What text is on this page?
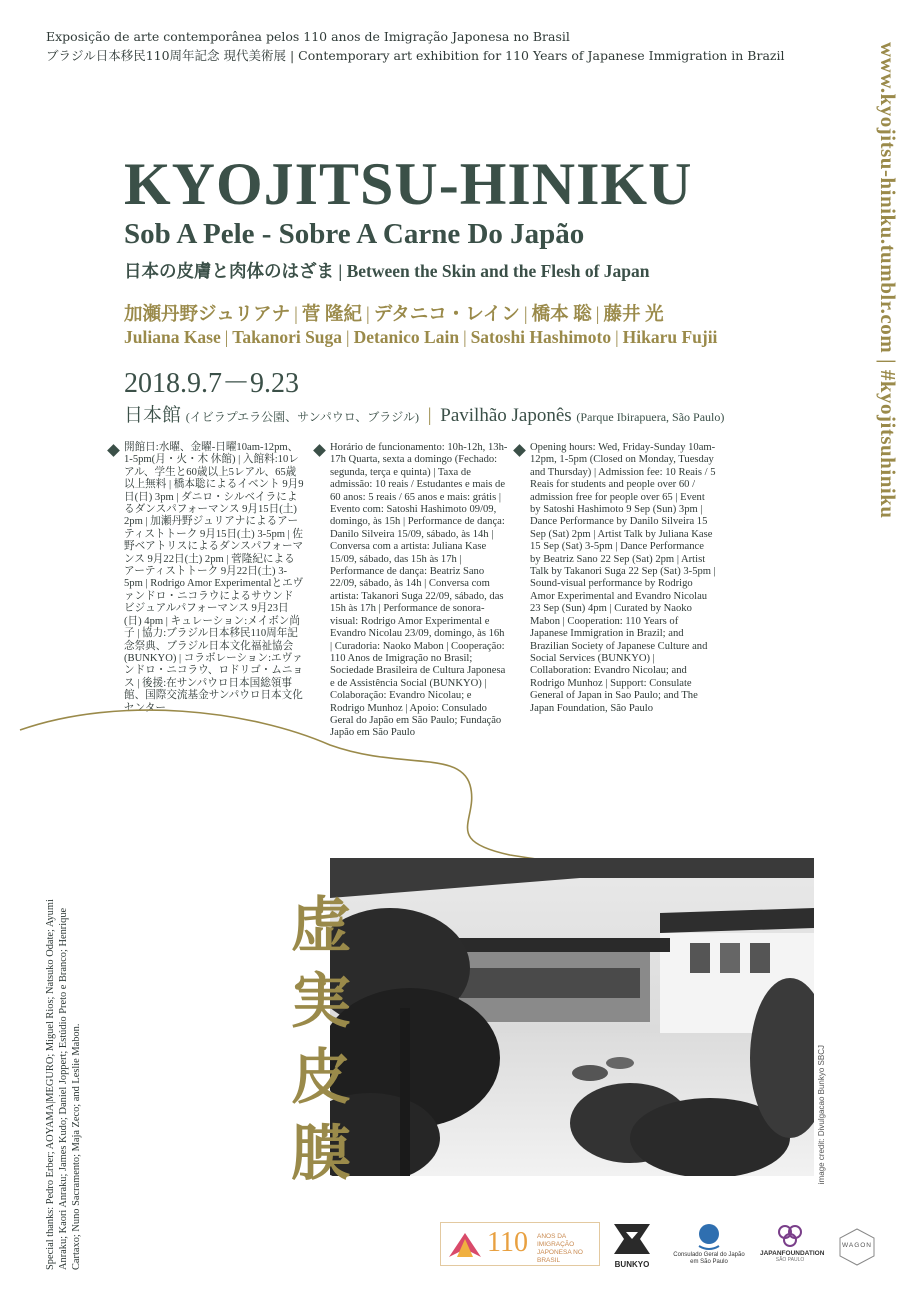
Exposição de arte contemporânea pelos 110 anos de Imigração Japonesa no Brasil
ブラジル日本移民110周年記念 現代美術展 | Contemporary art exhibition for 110 Years of Japanese Immigration in Brazil	www.kyojitsu-hiniku.tumblr.com | #kyojitsuhiniku
KYOJITSU-HINIKU
Sob A Pele - Sobre A Carne Do Japão
日本の皮膚と肉体のはざま | Between the Skin and the Flesh of Japan
加瀬丹野ジュリアナ | 菅 隆紀 | デタニコ・レイン | 橋本 聡 | 藤井 光
Juliana Kase | Takanori Suga | Detanico Lain | Satoshi Hashimoto | Hikaru Fujii
2018.9.7－9.23
日本館 (イビラプエラ公園、サンパウロ、ブラジル) | Pavilhão Japonês (Parque Ibirapuera, São Paulo)
開館日:水曜、金曜-日曜10am-12pm、1-5pm(月・火・木 休館) | 入館料:10レアル、学生と60歳以上5レアル、65歳以上無料 | 橋本聡によるイベント 9月9日(日) 3pm | ダニロ・シルベイラによるダンスパフォーマンス 9月15日(土) 2pm | 加瀬丹野ジュリアナによるアーティストトーク 9月15日(土) 3-5pm | 佐野ベアトリスによるダンスパフォーマンス 9月22日(土) 2pm | 菅隆紀によるアーティストトーク 9月22日(土) 3-5pm | Rodrigo Amor Experimentalとエヴァンドロ・ニコラウによるサウンドビジュアルパフォーマンス 9月23日(日) 4pm | キュレーション:メイボン尚子 | 協力:ブラジル日本移民110周年記念祭典、ブラジル日本文化福祉協会(BUNKYO) | コラボレーション:エヴァンドロ・ニコラウ、ロドリゴ・ムニョス | 後援:在サンパウロ日本国総領事館、国際交流基金サンパウロ日本文化センター
Horário de funcionamento: 10h-12h, 13h-17h Quarta, sexta a domingo (Fechado: segunda, terça e quinta) | Taxa de admissão: 10 reais / Estudantes e mais de 60 anos: 5 reais / 65 anos e mais: grátis | Evento com: Satoshi Hashimoto 09/09, domingo, às 15h | Performance de dança: Danilo Silveira 15/09, sábado, às 14h | Conversa com a artista: Juliana Kase 15/09, sábado, das 15h às 17h | Performance de dança: Beatriz Sano 22/09, sábado, às 14h | Conversa com artista: Takanori Suga 22/09, sábado, das 15h às 17h | Performance de sonora-visual: Rodrigo Amor Experimental e Evandro Nicolau 23/09, domingo, às 16h | Curadoria: Naoko Mabon | Cooperação: 110 Anos de Imigração no Brasil; Sociedade Brasileira de Cultura Japonesa e de Assistência Social (BUNKYO) | Colaboração: Evandro Nicolau; e Rodrigo Munhoz | Apoio: Consulado Geral do Japão em São Paulo; Fundação Japão em São Paulo
Opening hours: Wed, Friday-Sunday 10am-12pm, 1-5pm (Closed on Monday, Tuesday and Thursday) | Admission fee: 10 Reais / 5 Reais for students and people over 60 / admission free for people over 65 | Event by Satoshi Hashimoto 9 Sep (Sun) 3pm | Dance Performance by Danilo Silveira 15 Sep (Sat) 2pm | Artist Talk by Juliana Kase 15 Sep (Sat) 3-5pm | Dance Performance by Beatriz Sano 22 Sep (Sat) 2pm | Artist Talk by Takanori Suga 22 Sep (Sat) 3-5pm | Sound-visual performance by Rodrigo Amor Experimental and Evandro Nicolau 23 Sep (Sun) 4pm | Curated by Naoko Mabon | Cooperation: 110 Years of Japanese Immigration in Brazil; and Brazilian Society of Japanese Culture and Social Services (BUNKYO) | Collaboration: Evandro Nicolau; and Rodrigo Munhoz | Support: Consulate General of Japan in Sao Paulo; and The Japan Foundation, São Paulo
虚
実
皮
膜	image credit: Divulgacao Bunkyo SBCJ
Special thanks: Pedro Erber; AOYAMA|MEGURO; Miguel Rios; Natsuko Odate; Ayumi Anraku; Kaori Anraku; James Kudo; Daniel Joppert; Estúdio Preto e Branco; Henrique Cartaxo; Nuno Sacramento; Maja Zeco; and Leslie Mabon.	110 ANOS DA IMIGRAÇÃO JAPONESA NO BRASIL	BUNKYO
Consulado Geral do Japão em São Paulo
JAPANFOUNDATION
SÃO PAULO
WAGON
